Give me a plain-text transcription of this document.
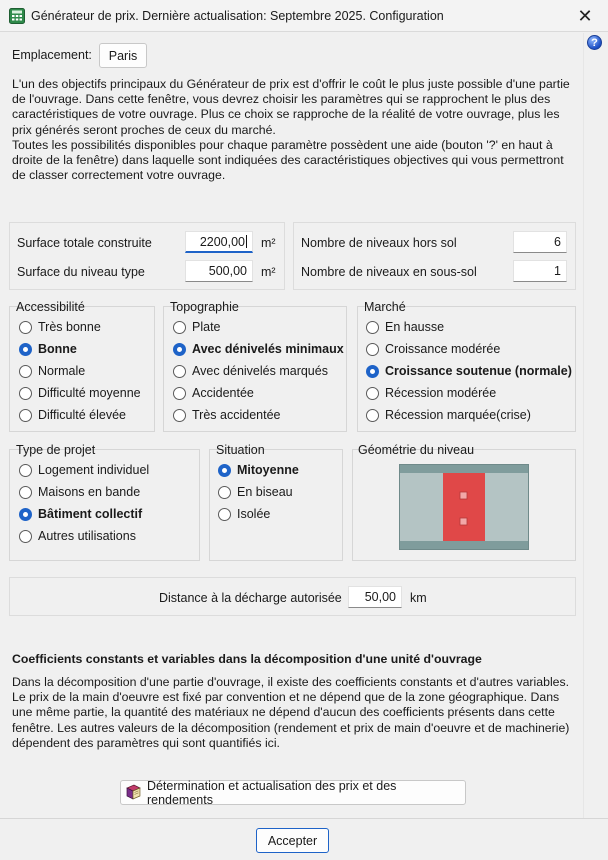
Générateur de prix. Dernière actualisation: Septembre 2025. Configuration	✕
?
Emplacement:	Paris

L'un des objectifs principaux du Générateur de prix est d'offrir le coût le plus juste possible d'une partie de l'ouvrage. Dans cette fenêtre, vous devrez choisir les paramètres qui se rapprochent le plus des caractéristiques de votre ouvrage. Plus ce choix se rapproche de la réalité de votre ouvrage, plus les prix générés seront proches de ceux du marché.

Toutes les possibilités disponibles pour chaque paramètre possèdent une aide (bouton '?' en haut à droite de la fenêtre) dans laquelle sont indiquées des caractéristiques objectives qui vous permettront de classer correctement votre ouvrage.

Surface totale construite	2200,00	m²
Surface du niveau type	500,00	m²
Nombre de niveaux hors sol	6
Nombre de niveaux en sous-sol	1
Accessibilité
Très bonne
Bonne
Normale
Difficulté moyenne
Difficulté élevée
Topographie
Plate
Avec dénivelés minimaux
Avec dénivelés marqués
Accidentée
Très accidentée
Marché
En hausse
Croissance modérée
Croissance soutenue (normale)
Récession modérée
Récession marquée(crise)
Type de projet
Logement individuel
Maisons en bande
Bâtiment collectif
Autres utilisations
Situation
Mitoyenne
En biseau
Isolée
Géométrie du niveau
Distance à la décharge autorisée	50,00	km
Coefficients constants et variables dans la décomposition d'une unité d'ouvrage
Dans la décomposition d'une partie d'ouvrage, il existe des coefficients constants et d'autres variables. Le prix de la main d'oeuvre est fixé par convention et ne dépend que de la zone géographique. Dans une même partie, la quantité des matériaux ne dépend d'aucun des coefficients présents dans cette fenêtre. Les autres valeurs de la décomposition (rendement et prix de main d'oeuvre et de machinerie) dépendent des paramètres qui sont quantifiés ici.
Détermination et actualisation des prix et des rendements
Accepter
